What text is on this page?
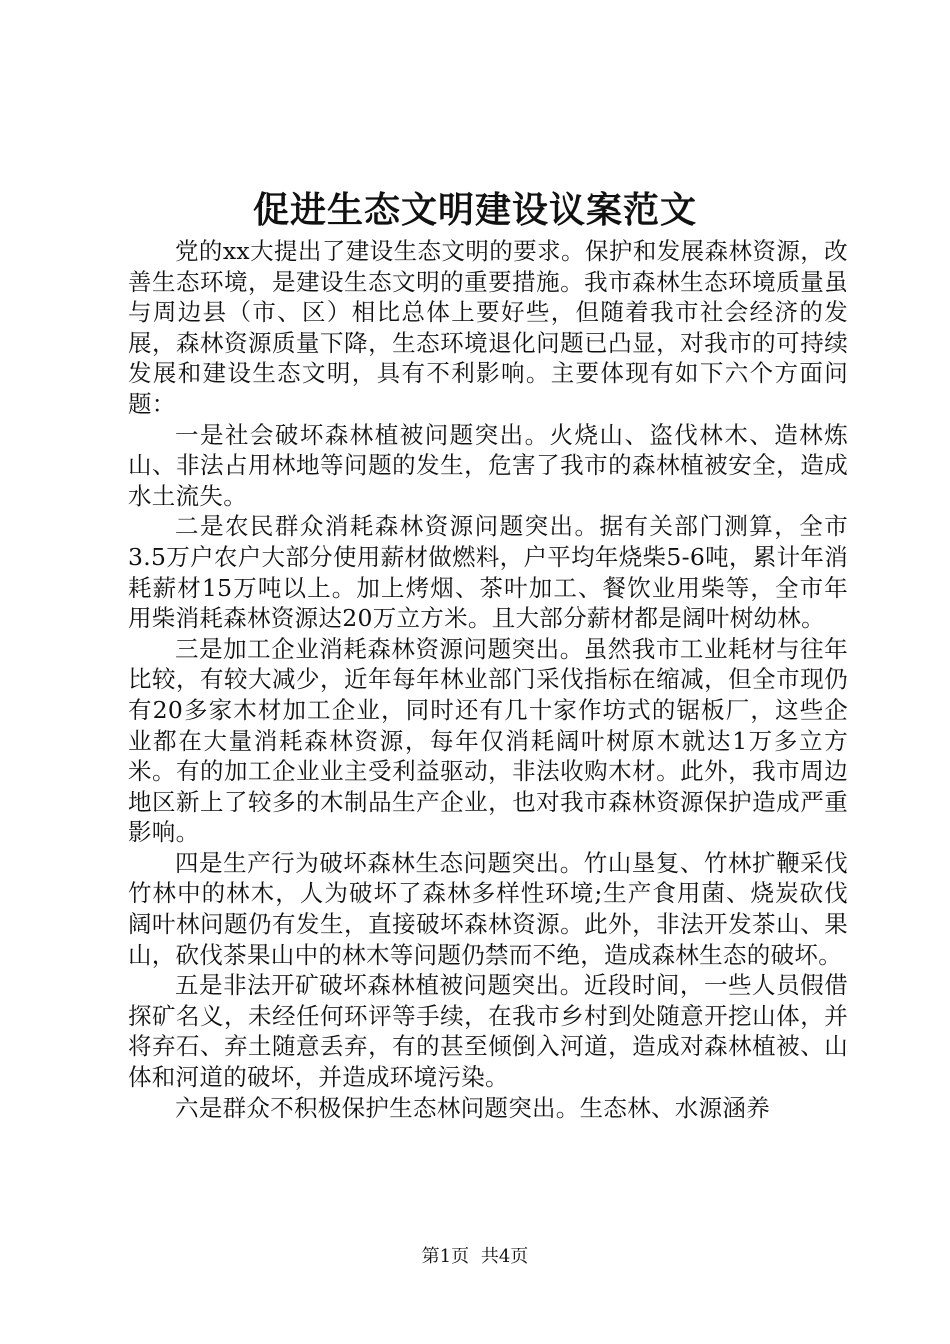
促进生态文明建设议案范文

党的xx大提出了建设生态文明的要求。保护和发展森林资源，改善生态环境，是建设生态文明的重要措施。我市森林生态环境质量虽与周边县（市、区）相比总体上要好些，但随着我市社会经济的发展，森林资源质量下降，生态环境退化问题已凸显，对我市的可持续发展和建设生态文明，具有不利影响。主要体现有如下六个方面问题：

一是社会破坏森林植被问题突出。火烧山、盗伐林木、造林炼山、非法占用林地等问题的发生，危害了我市的森林植被安全，造成水土流失。

二是农民群众消耗森林资源问题突出。据有关部门测算，全市3.5万户农户大部分使用薪材做燃料，户平均年烧柴5-6吨，累计年消耗薪材15万吨以上。加上烤烟、茶叶加工、餐饮业用柴等，全市年用柴消耗森林资源达20万立方米。且大部分薪材都是阔叶树幼林。

三是加工企业消耗森林资源问题突出。虽然我市工业耗材与往年比较，有较大减少，近年每年林业部门采伐指标在缩减，但全市现仍有20多家木材加工企业，同时还有几十家作坊式的锯板厂，这些企业都在大量消耗森林资源，每年仅消耗阔叶树原木就达1万多立方米。有的加工企业业主受利益驱动，非法收购木材。此外，我市周边地区新上了较多的木制品生产企业，也对我市森林资源保护造成严重影响。

四是生产行为破坏森林生态问题突出。竹山垦复、竹林扩鞭采伐竹林中的林木，人为破坏了森林多样性环境;生产食用菌、烧炭砍伐阔叶林问题仍有发生，直接破坏森林资源。此外，非法开发茶山、果山，砍伐茶果山中的林木等问题仍禁而不绝，造成森林生态的破坏。

五是非法开矿破坏森林植被问题突出。近段时间，一些人员假借探矿名义，未经任何环评等手续，在我市乡村到处随意开挖山体，并将弃石、弃土随意丢弃，有的甚至倾倒入河道，造成对森林植被、山体和河道的破坏，并造成环境污染。

六是群众不积极保护生态林问题突出。生态林、水源涵养

第1页 共4页
